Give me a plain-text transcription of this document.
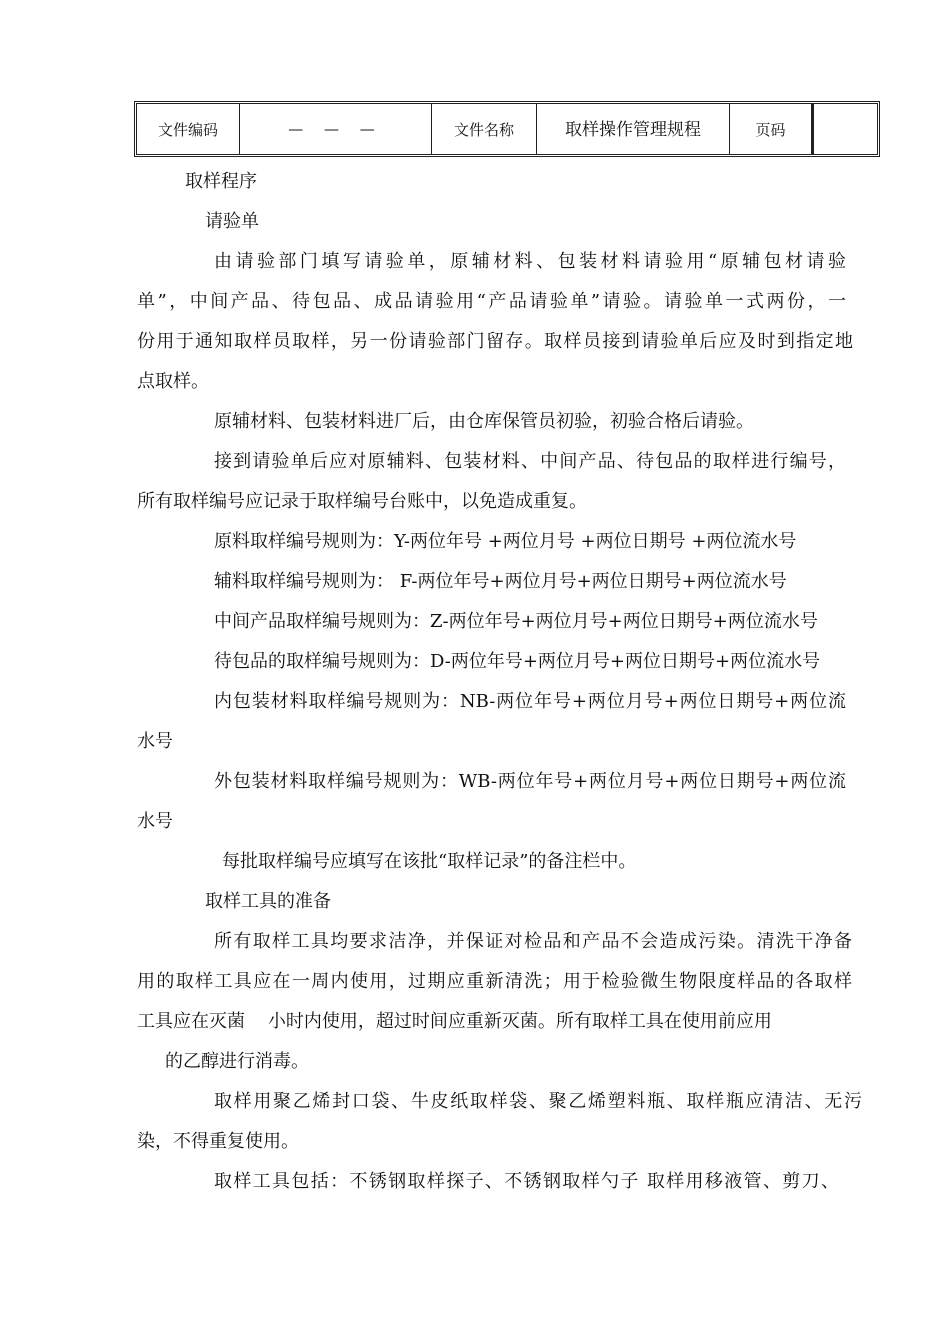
文件编码	— — —	文件名称	取样操作管理规程	页码
取样程序
请验单
由请验部门填写请验单，原辅材料、包装材料请验用“原辅包材请验
单”，中间产品、待包品、成品请验用“产品请验单”请验。请验单一式两份，一
份用于通知取样员取样，另一份请验部门留存。取样员接到请验单后应及时到指定地
点取样。
原辅材料、包装材料进厂后，由仓库保管员初验，初验合格后请验。
接到请验单后应对原辅料、包装材料、中间产品、待包品的取样进行编号，
所有取样编号应记录于取样编号台账中，以免造成重复。
原料取样编号规则为：Y-两位年号 +两位月号 +两位日期号 +两位流水号
辅料取样编号规则为： F-两位年号+两位月号+两位日期号+两位流水号
中间产品取样编号规则为：Z-两位年号+两位月号+两位日期号+两位流水号
待包品的取样编号规则为：D-两位年号+两位月号+两位日期号+两位流水号
内包装材料取样编号规则为：NB-两位年号+两位月号+两位日期号+两位流
水号
外包装材料取样编号规则为：WB-两位年号+两位月号+两位日期号+两位流
水号
每批取样编号应填写在该批“取样记录”的备注栏中。
取样工具的准备
所有取样工具均要求洁净，并保证对检品和产品不会造成污染。清洗干净备
用的取样工具应在一周内使用，过期应重新清洗；用于检验微生物限度样品的各取样
工具应在灭菌    小时内使用，超过时间应重新灭菌。所有取样工具在使用前应用
的乙醇进行消毒。
取样用聚乙烯封口袋、牛皮纸取样袋、聚乙烯塑料瓶、取样瓶应清洁、无污
染，不得重复使用。
取样工具包括：不锈钢取样探子、不锈钢取样勺子 取样用移液管、剪刀、
